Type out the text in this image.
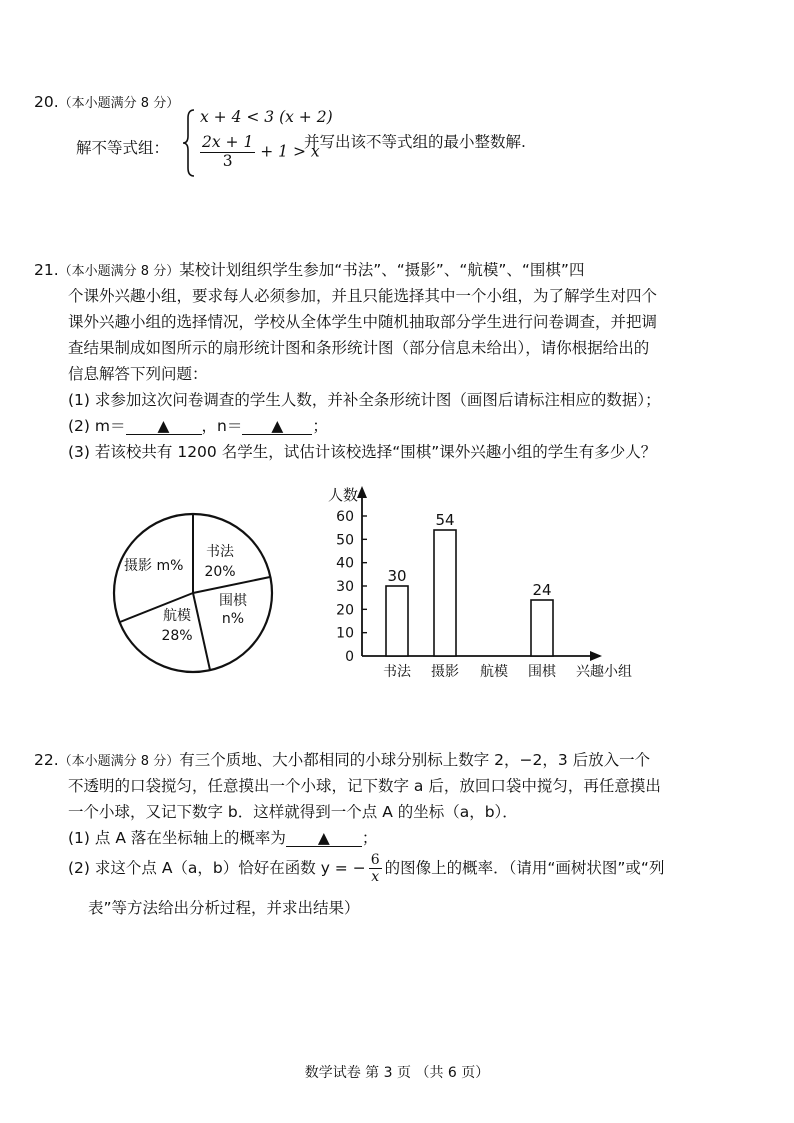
20.（本小题满分 8 分）
解不等式组：
x + 4 < 3 (x + 2)
$\frac{2x + 1}{3} + 1 > x$
并写出该不等式组的最小整数解.
21.（本小题满分 8 分）某校计划组织学生参加“书法”、“摄影”、“航模”、“围棋”四
个课外兴趣小组，要求每人必须参加，并且只能选择其中一个小组，为了解学生对四个
课外兴趣小组的选择情况，学校从全体学生中随机抽取部分学生进行问卷调查，并把调
查结果制成如图所示的扇形统计图和条形统计图（部分信息未给出），请你根据给出的
信息解答下列问题：
(1) 求参加这次问卷调查的学生人数，并补全条形统计图（画图后请标注相应的数据）；
(2) m＝ ▲ ，n＝ ▲ ；
(3) 若该校共有 1200 名学生，试估计该校选择“围棋”课外兴趣小组的学生有多少人？
书法
20%
摄影 m%
围棋
n%
航模
28%
人数
兴趣小组
0
10
20
30
40
50
60
30
书法
54
摄影 航模
24
围棋
22.（本小题满分 8 分）有三个质地、大小都相同的小球分别标上数字 2，−2，3 后放入一个
不透明的口袋搅匀，任意摸出一个小球，记下数字 a 后，放回口袋中搅匀，再任意摸出
一个小球，又记下数字 b．这样就得到一个点 A 的坐标（a，b）．
(1) 点 A 落在坐标轴上的概率为 ▲ ；
(2) 求这个点 A（a，b）恰好在函数 y = − $\frac{6}{x}$ 的图像上的概率．（请用“画树状图”或“列
表”等方法给出分析过程，并求出结果）
数学试卷 第 3 页 （共 6 页）
